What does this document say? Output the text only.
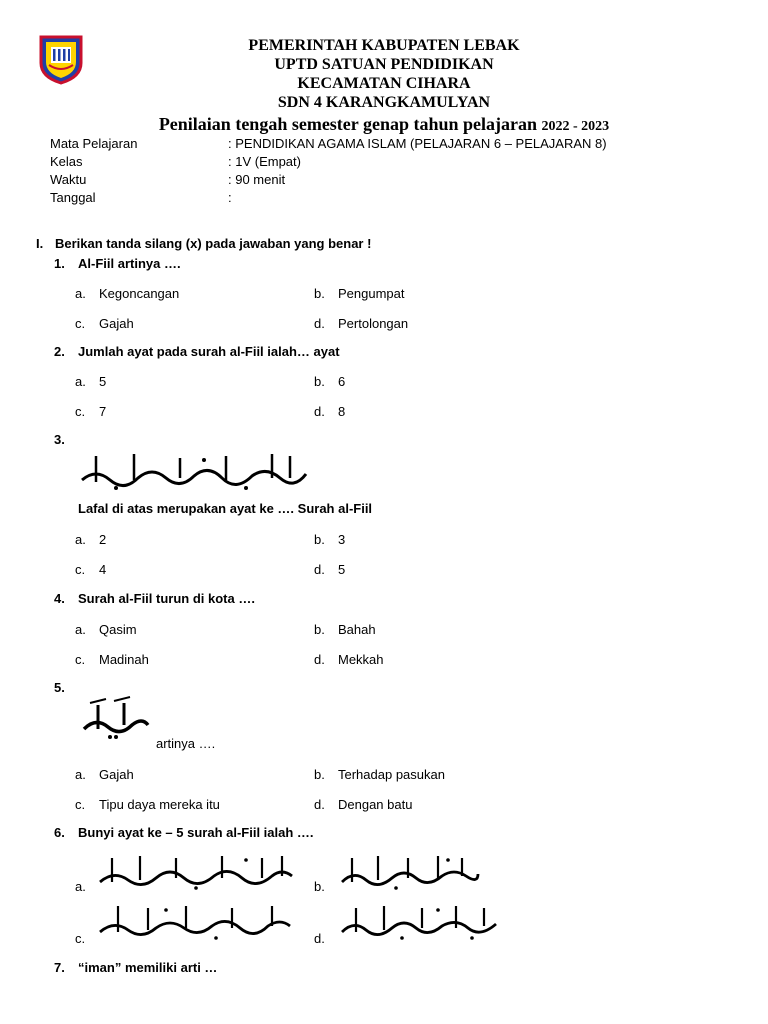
PEMERINTAH KABUPATEN LEBAK
UPTD SATUAN PENDIDIKAN
KECAMATAN CIHARA
SDN 4 KARANGKAMULYAN
Penilaian tengah semester genap tahun pelajaran 2022 - 2023
Mata Pelajaran	: PENDIDIKAN AGAMA ISLAM (PELAJARAN 6 – PELAJARAN 8)
Kelas	: 1V (Empat)
Waktu	: 90 menit
Tanggal	:
I. Berikan tanda silang (x) pada jawaban yang benar !
1. Al-Fiil artinya ….
a. Kegoncangan	b. Pengumpat
c. Gajah	d. Pertolongan
2. Jumlah ayat pada surah al-Fiil ialah… ayat
a. 5	b. 6
c. 7	d. 8
3.
Lafal di atas merupakan ayat ke …. Surah al-Fiil
a. 2	b. 3
c. 4	d. 5
4. Surah al-Fiil turun di kota ….
a. Qasim	b. Bahah
c. Madinah	d. Mekkah
5.
artinya ….
a. Gajah	b. Terhadap pasukan
c. Tipu daya mereka itu	d. Dengan batu
6. Bunyi ayat ke – 5 surah al-Fiil ialah ….
a.	b.
c.	d.
7. “iman” memiliki arti …
